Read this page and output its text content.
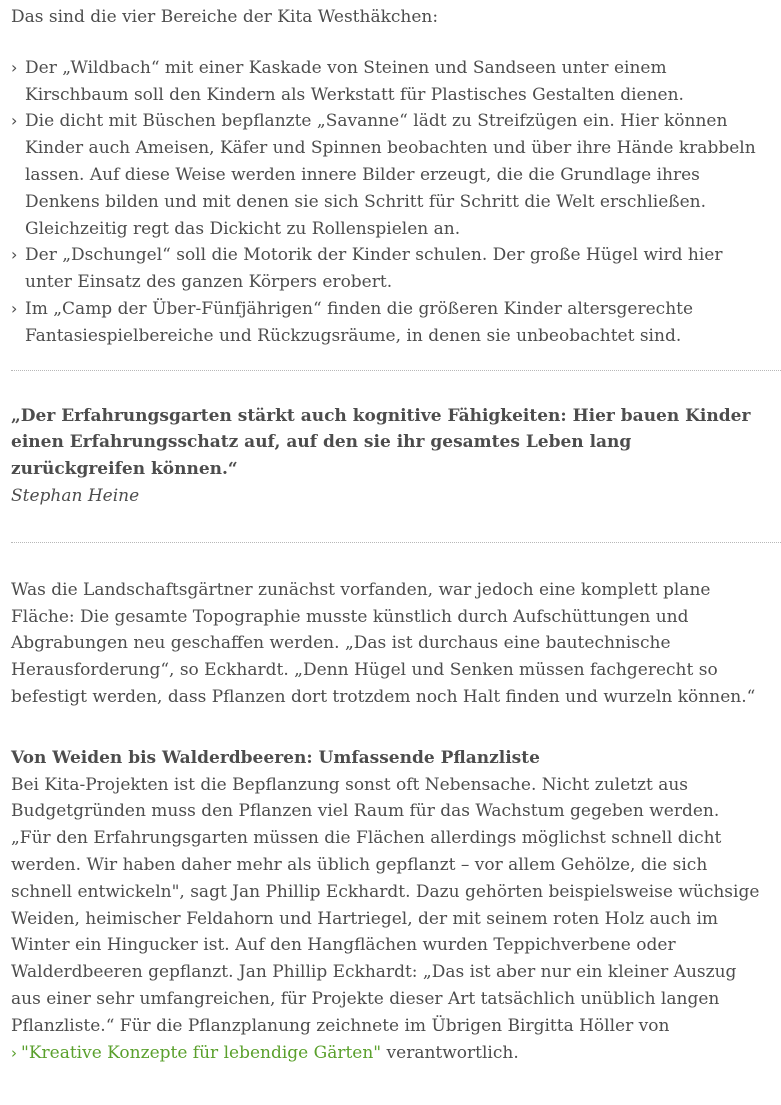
Das sind die vier Bereiche der Kita Westhäkchen:

› Der „Wildbach“ mit einer Kaskade von Steinen und Sandseen unter einem Kirschbaum soll den Kindern als Werkstatt für Plastisches Gestalten dienen.
› Die dicht mit Büschen bepflanzte „Savanne“ lädt zu Streifzügen ein. Hier können Kinder auch Ameisen, Käfer und Spinnen beobachten und über ihre Hände krabbeln lassen. Auf diese Weise werden innere Bilder erzeugt, die die Grundlage ihres Denkens bilden und mit denen sie sich Schritt für Schritt die Welt erschließen. Gleichzeitig regt das Dickicht zu Rollenspielen an.
› Der „Dschungel“ soll die Motorik der Kinder schulen. Der große Hügel wird hier unter Einsatz des ganzen Körpers erobert.
› Im „Camp der Über-Fünfjährigen“ finden die größeren Kinder altersgerechte Fantasiespielbereiche und Rückzugsräume, in denen sie unbeobachtet sind.

„Der Erfahrungsgarten stärkt auch kognitive Fähigkeiten: Hier bauen Kinder einen Erfahrungsschatz auf, auf den sie ihr gesamtes Leben lang zurückgreifen können.“

Stephan Heine

Was die Landschaftsgärtner zunächst vorfanden, war jedoch eine komplett plane Fläche: Die gesamte Topographie musste künstlich durch Aufschüttungen und Abgrabungen neu geschaffen werden. „Das ist durchaus eine bautechnische Herausforderung“, so Eckhardt. „Denn Hügel und Senken müssen fachgerecht so befestigt werden, dass Pflanzen dort trotzdem noch Halt finden und wurzeln können.“

Von Weiden bis Walderdbeeren: Umfassende Pflanzliste

Bei Kita-Projekten ist die Bepflanzung sonst oft Nebensache. Nicht zuletzt aus Budgetgründen muss den Pflanzen viel Raum für das Wachstum gegeben werden. „Für den Erfahrungsgarten müssen die Flächen allerdings möglichst schnell dicht werden. Wir haben daher mehr als üblich gepflanzt – vor allem Gehölze, die sich schnell entwickeln", sagt Jan Phillip Eckhardt. Dazu gehörten beispielsweise wüchsige Weiden, heimischer Feldahorn und Hartriegel, der mit seinem roten Holz auch im Winter ein Hingucker ist. Auf den Hangflächen wurden Teppichverbene oder Walderdbeeren gepflanzt. Jan Phillip Eckhardt: „Das ist aber nur ein kleiner Auszug aus einer sehr umfangreichen, für Projekte dieser Art tatsächlich unüblich langen Pflanzliste.“ Für die Pflanzplanung zeichnete im Übrigen Birgitta Höller von

› "Kreative Konzepte für lebendige Gärten" verantwortlich.
